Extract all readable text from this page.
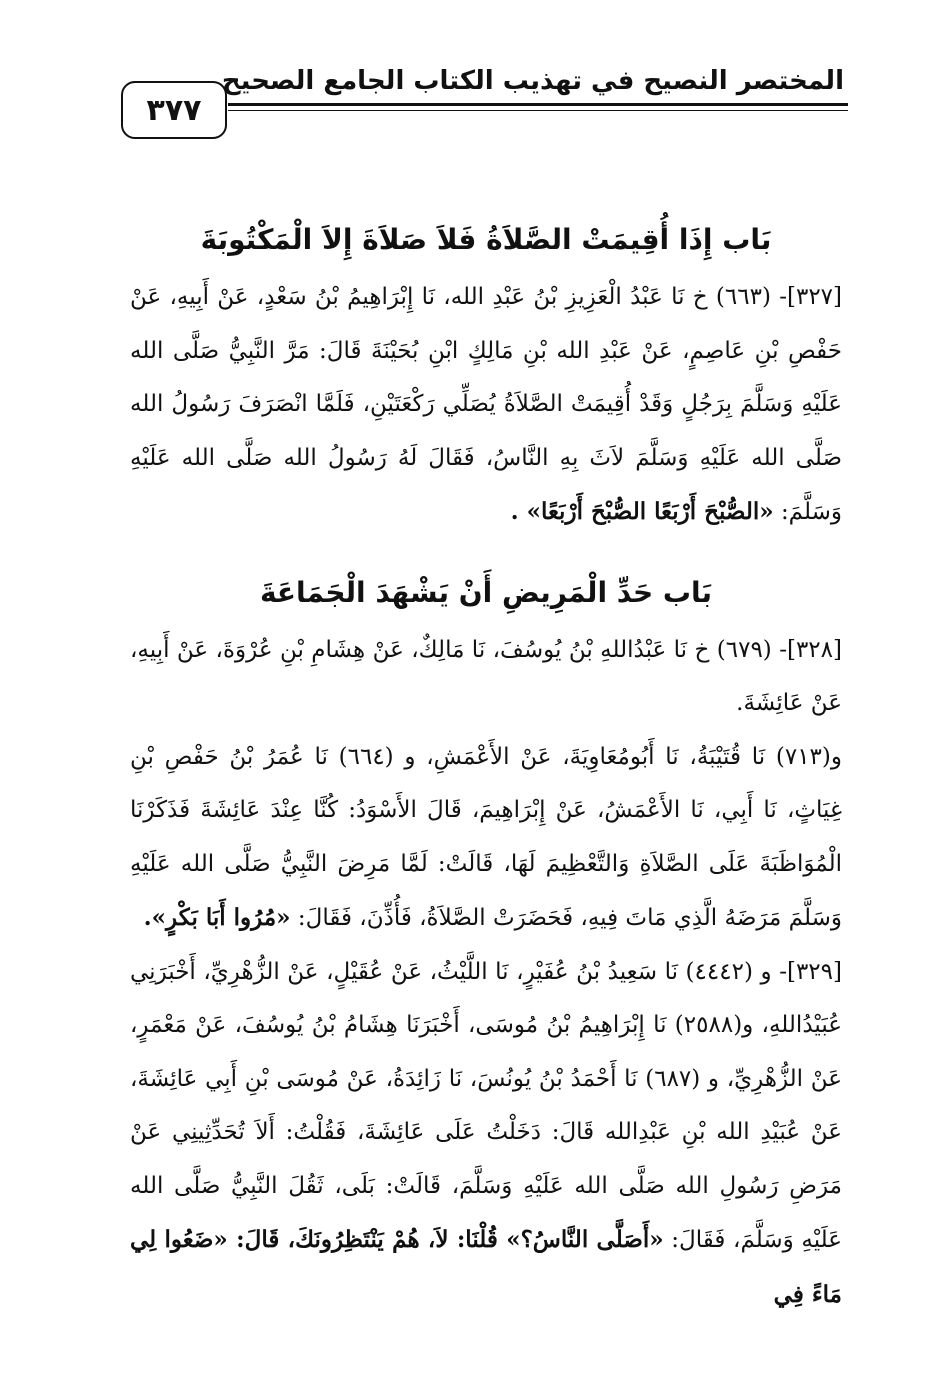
المختصر النصيح في تهذيب الكتاب الجامع الصحيح
٣٧٧
بَاب إِذَا أُقِيمَتْ الصَّلاَةُ فَلاَ صَلاَةَ إِلاَ الْمَكْتُوبَةَ

[٣٢٧]- (٦٦٣) خ نَا عَبْدُ الْعَزِيزِ بْنُ عَبْدِ الله، نَا إِبْرَاهِيمُ بْنُ سَعْدٍ، عَنْ أَبِيهِ، عَنْ حَفْصِ بْنِ عَاصِمٍ، عَنْ عَبْدِ الله بْنِ مَالِكٍ ابْنِ بُحَيْنَةَ قَالَ: مَرَّ النَّبِيُّ صَلَّى الله عَلَيْهِ وَسَلَّمَ بِرَجُلٍ وَقَدْ أُقِيمَتْ الصَّلاَةُ يُصَلِّي رَكْعَتَيْنِ، فَلَمَّا انْصَرَفَ رَسُولُ الله صَلَّى الله عَلَيْهِ وَسَلَّمَ لاَثَ بِهِ النَّاسُ، فَقَالَ لَهُ رَسُولُ الله صَلَّى الله عَلَيْهِ وَسَلَّمَ: «الصُّبْحَ أَرْبَعًا الصُّبْحَ أَرْبَعًا» .

بَاب حَدِّ الْمَرِيضِ أَنْ يَشْهَدَ الْجَمَاعَةَ

[٣٢٨]- (٦٧٩) خ نَا عَبْدُاللهِ بْنُ يُوسُفَ، نَا مَالِكٌ، عَنْ هِشَامِ بْنِ عُرْوَةَ، عَنْ أَبِيهِ، عَنْ عَائِشَةَ.

و(٧١٣) نَا قُتَيْبَةُ، نَا أَبُومُعَاوِيَةَ، عَنْ الأَعْمَشِ، و (٦٦٤) نَا عُمَرُ بْنُ حَفْصِ بْنِ غِيَاثٍ، نَا أَبِي، نَا الأَعْمَشُ، عَنْ إِبْرَاهِيمَ، قَالَ الأَسْوَدُ: كُنَّا عِنْدَ عَائِشَةَ فَذَكَرْنَا الْمُوَاظَبَةَ عَلَى الصَّلاَةِ وَالتَّعْظِيمَ لَهَا، قَالَتْ: لَمَّا مَرِضَ النَّبِيُّ صَلَّى الله عَلَيْهِ وَسَلَّمَ مَرَضَهُ الَّذِي مَاتَ فِيهِ، فَحَضَرَتْ الصَّلاَةُ، فَأُذِّنَ، فَقَالَ: «مُرُوا أَبَا بَكْرٍ».

[٣٢٩]- و (٤٤٤٢) نَا سَعِيدُ بْنُ عُفَيْرٍ، نَا اللَّيْثُ، عَنْ عُقَيْلٍ، عَنْ الزُّهْرِيِّ، أَخْبَرَنِي عُبَيْدُاللهِ، و(٢٥٨٨) نَا إِبْرَاهِيمُ بْنُ مُوسَى، أَخْبَرَنَا هِشَامُ بْنُ يُوسُفَ، عَنْ مَعْمَرٍ، عَنْ الزُّهْرِيِّ، و (٦٨٧) نَا أَحْمَدُ بْنُ يُونُسَ، نَا زَائِدَةُ، عَنْ مُوسَى بْنِ أَبِي عَائِشَةَ، عَنْ عُبَيْدِ الله بْنِ عَبْدِالله قَالَ: دَخَلْتُ عَلَى عَائِشَةَ، فَقُلْتُ: أَلاَ تُحَدِّثِينِي عَنْ مَرَضِ رَسُولِ الله صَلَّى الله عَلَيْهِ وَسَلَّمَ، قَالَتْ: بَلَى، ثَقُلَ النَّبِيُّ صَلَّى الله عَلَيْهِ وَسَلَّمَ، فَقَالَ: «أَصَلَّى النَّاسُ؟» قُلْنَا: لاَ، هُمْ يَنْتَظِرُونَكَ، قَالَ: «ضَعُوا لِي مَاءً فِي
